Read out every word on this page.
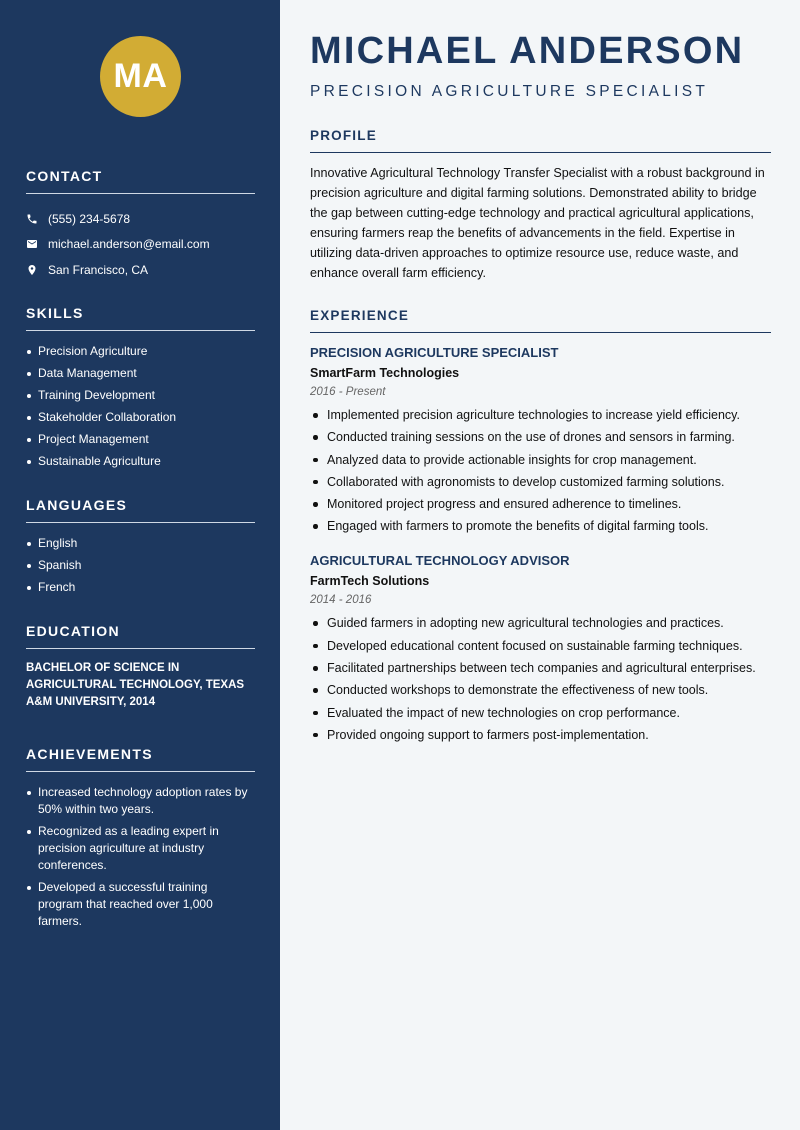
MA
CONTACT
(555) 234-5678
michael.anderson@email.com
San Francisco, CA
SKILLS
Precision Agriculture
Data Management
Training Development
Stakeholder Collaboration
Project Management
Sustainable Agriculture
LANGUAGES
English
Spanish
French
EDUCATION
BACHELOR OF SCIENCE IN AGRICULTURAL TECHNOLOGY, TEXAS A&M UNIVERSITY, 2014
ACHIEVEMENTS
Increased technology adoption rates by 50% within two years.
Recognized as a leading expert in precision agriculture at industry conferences.
Developed a successful training program that reached over 1,000 farmers.
MICHAEL ANDERSON
PRECISION AGRICULTURE SPECIALIST
PROFILE

Innovative Agricultural Technology Transfer Specialist with a robust background in precision agriculture and digital farming solutions. Demonstrated ability to bridge the gap between cutting-edge technology and practical agricultural applications, ensuring farmers reap the benefits of advancements in the field. Expertise in utilizing data-driven approaches to optimize resource use, reduce waste, and enhance overall farm efficiency.

EXPERIENCE
PRECISION AGRICULTURE SPECIALIST
SmartFarm Technologies
2016 - Present
Implemented precision agriculture technologies to increase yield efficiency.
Conducted training sessions on the use of drones and sensors in farming.
Analyzed data to provide actionable insights for crop management.
Collaborated with agronomists to develop customized farming solutions.
Monitored project progress and ensured adherence to timelines.
Engaged with farmers to promote the benefits of digital farming tools.
AGRICULTURAL TECHNOLOGY ADVISOR
FarmTech Solutions
2014 - 2016
Guided farmers in adopting new agricultural technologies and practices.
Developed educational content focused on sustainable farming techniques.
Facilitated partnerships between tech companies and agricultural enterprises.
Conducted workshops to demonstrate the effectiveness of new tools.
Evaluated the impact of new technologies on crop performance.
Provided ongoing support to farmers post-implementation.
